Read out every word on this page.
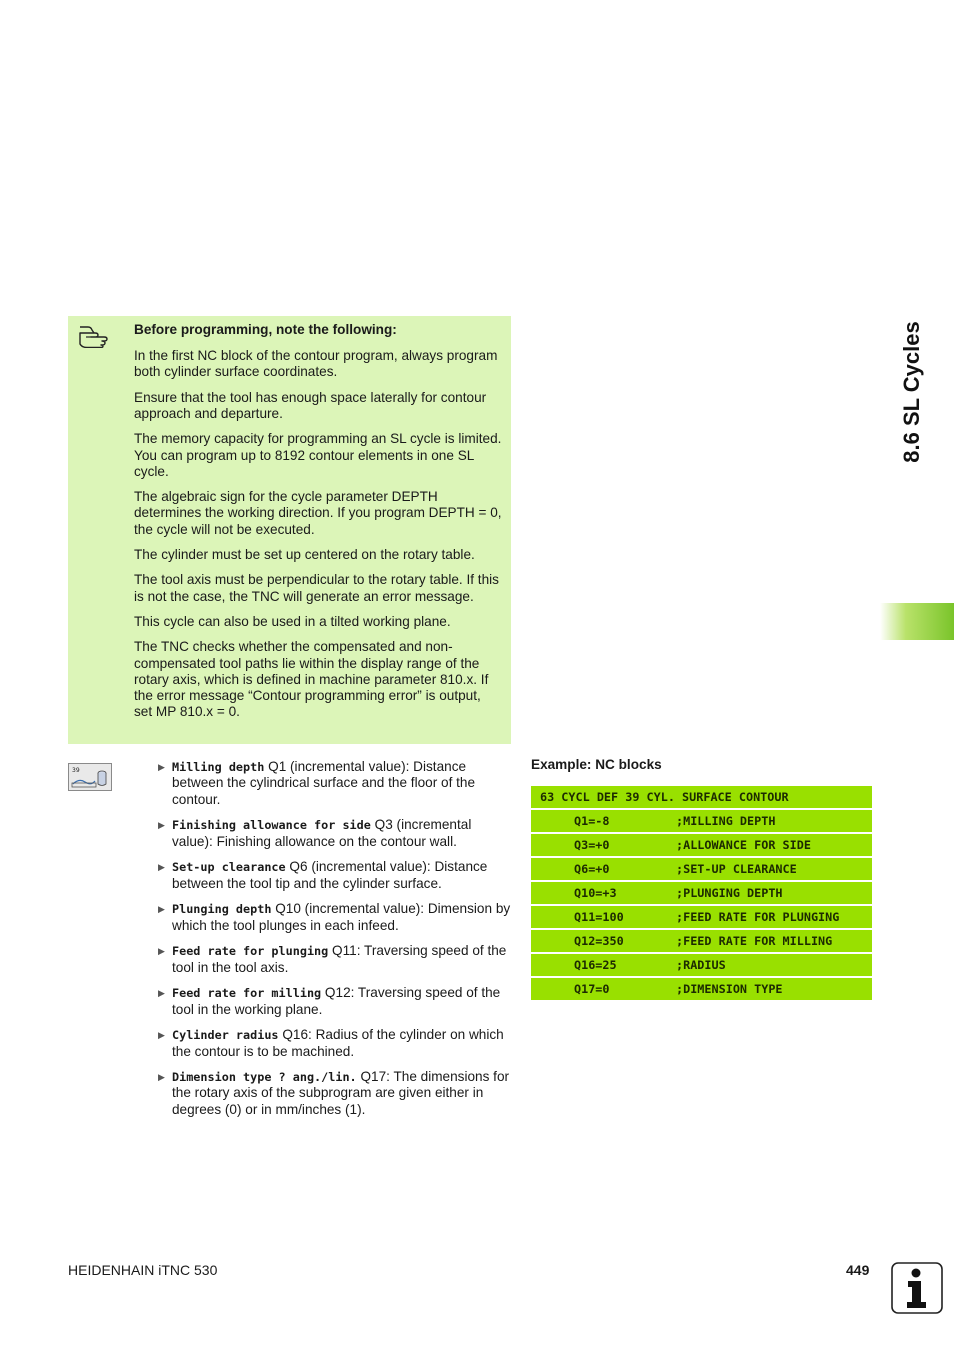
Before programming, note the following:

In the first NC block of the contour program, always program both cylinder surface coordinates.

Ensure that the tool has enough space laterally for contour approach and departure.

The memory capacity for programming an SL cycle is limited. You can program up to 8192 contour elements in one SL cycle.

The algebraic sign for the cycle parameter DEPTH determines the working direction. If you program DEPTH = 0, the cycle will not be executed.

The cylinder must be set up centered on the rotary table.

The tool axis must be perpendicular to the rotary table. If this is not the case, the TNC will generate an error message.

This cycle can also be used in a tilted working plane.

The TNC checks whether the compensated and non-compensated tool paths lie within the display range of the rotary axis, which is defined in machine parameter 810.x. If the error message “Contour programming error” is output, set MP 810.x = 0.

8.6 SL Cycles
39	▶ Milling depth Q1 (incremental value): Distance between the cylindrical surface and the floor of the contour.
▶ Finishing allowance for side Q3 (incremental value): Finishing allowance on the contour wall.
▶ Set-up clearance Q6 (incremental value): Distance between the tool tip and the cylinder surface.
▶ Plunging depth Q10 (incremental value): Dimension by which the tool plunges in each infeed.
▶ Feed rate for plunging Q11: Traversing speed of the tool in the tool axis.
▶ Feed rate for milling Q12: Traversing speed of the tool in the working plane.
▶ Cylinder radius Q16: Radius of the cylinder on which the contour is to be machined.
▶ Dimension type ? ang./lin. Q17: The dimensions for the rotary axis of the subprogram are given either in degrees (0) or in mm/inches (1).
Example: NC blocks
63 CYCL DEF 39 CYL. SURFACE CONTOUR
Q1=-8	;MILLING DEPTH
Q3=+0	;ALLOWANCE FOR SIDE
Q6=+0	;SET-UP CLEARANCE
Q10=+3	;PLUNGING DEPTH
Q11=100	;FEED RATE FOR PLUNGING
Q12=350	;FEED RATE FOR MILLING
Q16=25	;RADIUS
Q17=0	;DIMENSION TYPE
HEIDENHAIN iTNC 530	449
